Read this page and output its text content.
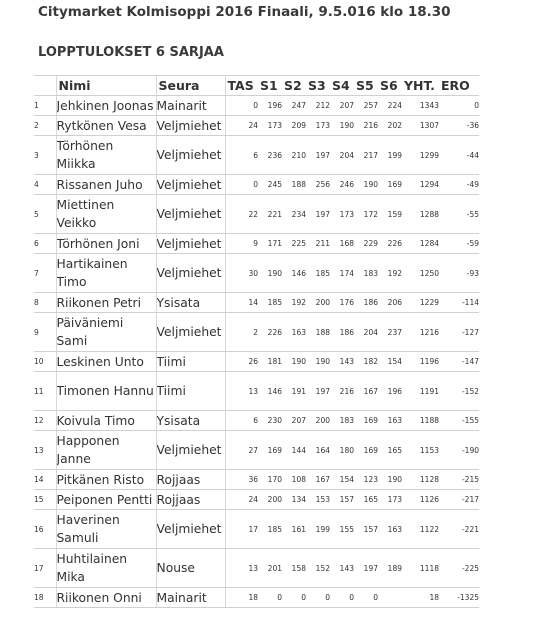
Citymarket Kolmisoppi 2016 Finaali, 9.5.016 klo 18.30
LOPPTULOKSET 6 SARJAA
	Nimi	Seura	TAS	S1	S2	S3	S4	S5	S6	YHT.	ERO
1	Jehkinen Joonas	Mainarit	0	196	247	212	207	257	224	1343	0
2	Rytkönen Vesa	Veljmiehet	24	173	209	173	190	216	202	1307	-36
3	Törhönen Miikka	Veljmiehet	6	236	210	197	204	217	199	1299	-44
4	Rissanen Juho	Veljmiehet	0	245	188	256	246	190	169	1294	-49
5	Miettinen Veikko	Veljmiehet	22	221	234	197	173	172	159	1288	-55
6	Törhönen Joni	Veljmiehet	9	171	225	211	168	229	226	1284	-59
7	Hartikainen Timo	Veljmiehet	30	190	146	185	174	183	192	1250	-93
8	Riikonen Petri	Ysisata	14	185	192	200	176	186	206	1229	-114
9	Päiväniemi Sami	Veljmiehet	2	226	163	188	186	204	237	1216	-127
10	Leskinen Unto	Tiimi	26	181	190	190	143	182	154	1196	-147
11	Timonen Hannu	Tiimi	13	146	191	197	216	167	196	1191	-152
12	Koivula Timo	Ysisata	6	230	207	200	183	169	163	1188	-155
13	Happonen Janne	Veljmiehet	27	169	144	164	180	169	165	1153	-190
14	Pitkänen Risto	Rojjaas	36	170	108	167	154	123	190	1128	-215
15	Peiponen Pentti	Rojjaas	24	200	134	153	157	165	173	1126	-217
16	Haverinen Samuli	Veljmiehet	17	185	161	199	155	157	163	1122	-221
17	Huhtilainen Mika	Nouse	13	201	158	152	143	197	189	1118	-225
18	Riikonen Onni	Mainarit	18	0	0	0	0	0		18	-1325
